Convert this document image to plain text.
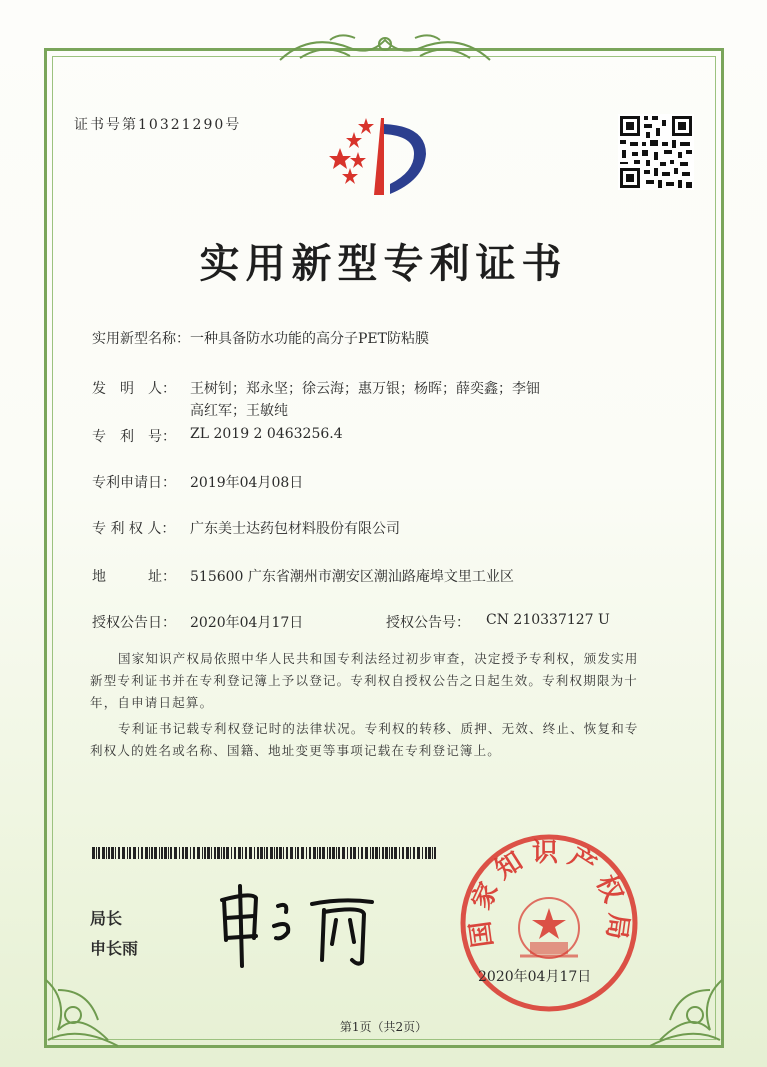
证书号第10321290号
实用新型专利证书
实用新型名称： 一种具备防水功能的高分子PET防粘膜
发　明　人： 王树钊；郑永坚；徐云海；惠万银；杨晖；薛奕鑫；李钿
高红军；王敏纯
专　利　号： ZL 2019 2 0463256.4
专利申请日： 2019年04月08日
专 利 权 人： 广东美士达药包材料股份有限公司
地　　　址： 515600 广东省潮州市潮安区潮汕路庵埠文里工业区
授权公告日： 2020年04月17日	授权公告号： CN 210337127 U
国家知识产权局依照中华人民共和国专利法经过初步审查，决定授予专利权，颁发实用
新型专利证书并在专利登记簿上予以登记。专利权自授权公告之日起生效。专利权期限为十
年，自申请日起算。
专利证书记载专利权登记时的法律状况。专利权的转移、质押、无效、终止、恢复和专
利权人的姓名或名称、国籍、地址变更等事项记载在专利登记簿上。
局长
申长雨	国家知识产权局
2020年04月17日
第1页（共2页）
